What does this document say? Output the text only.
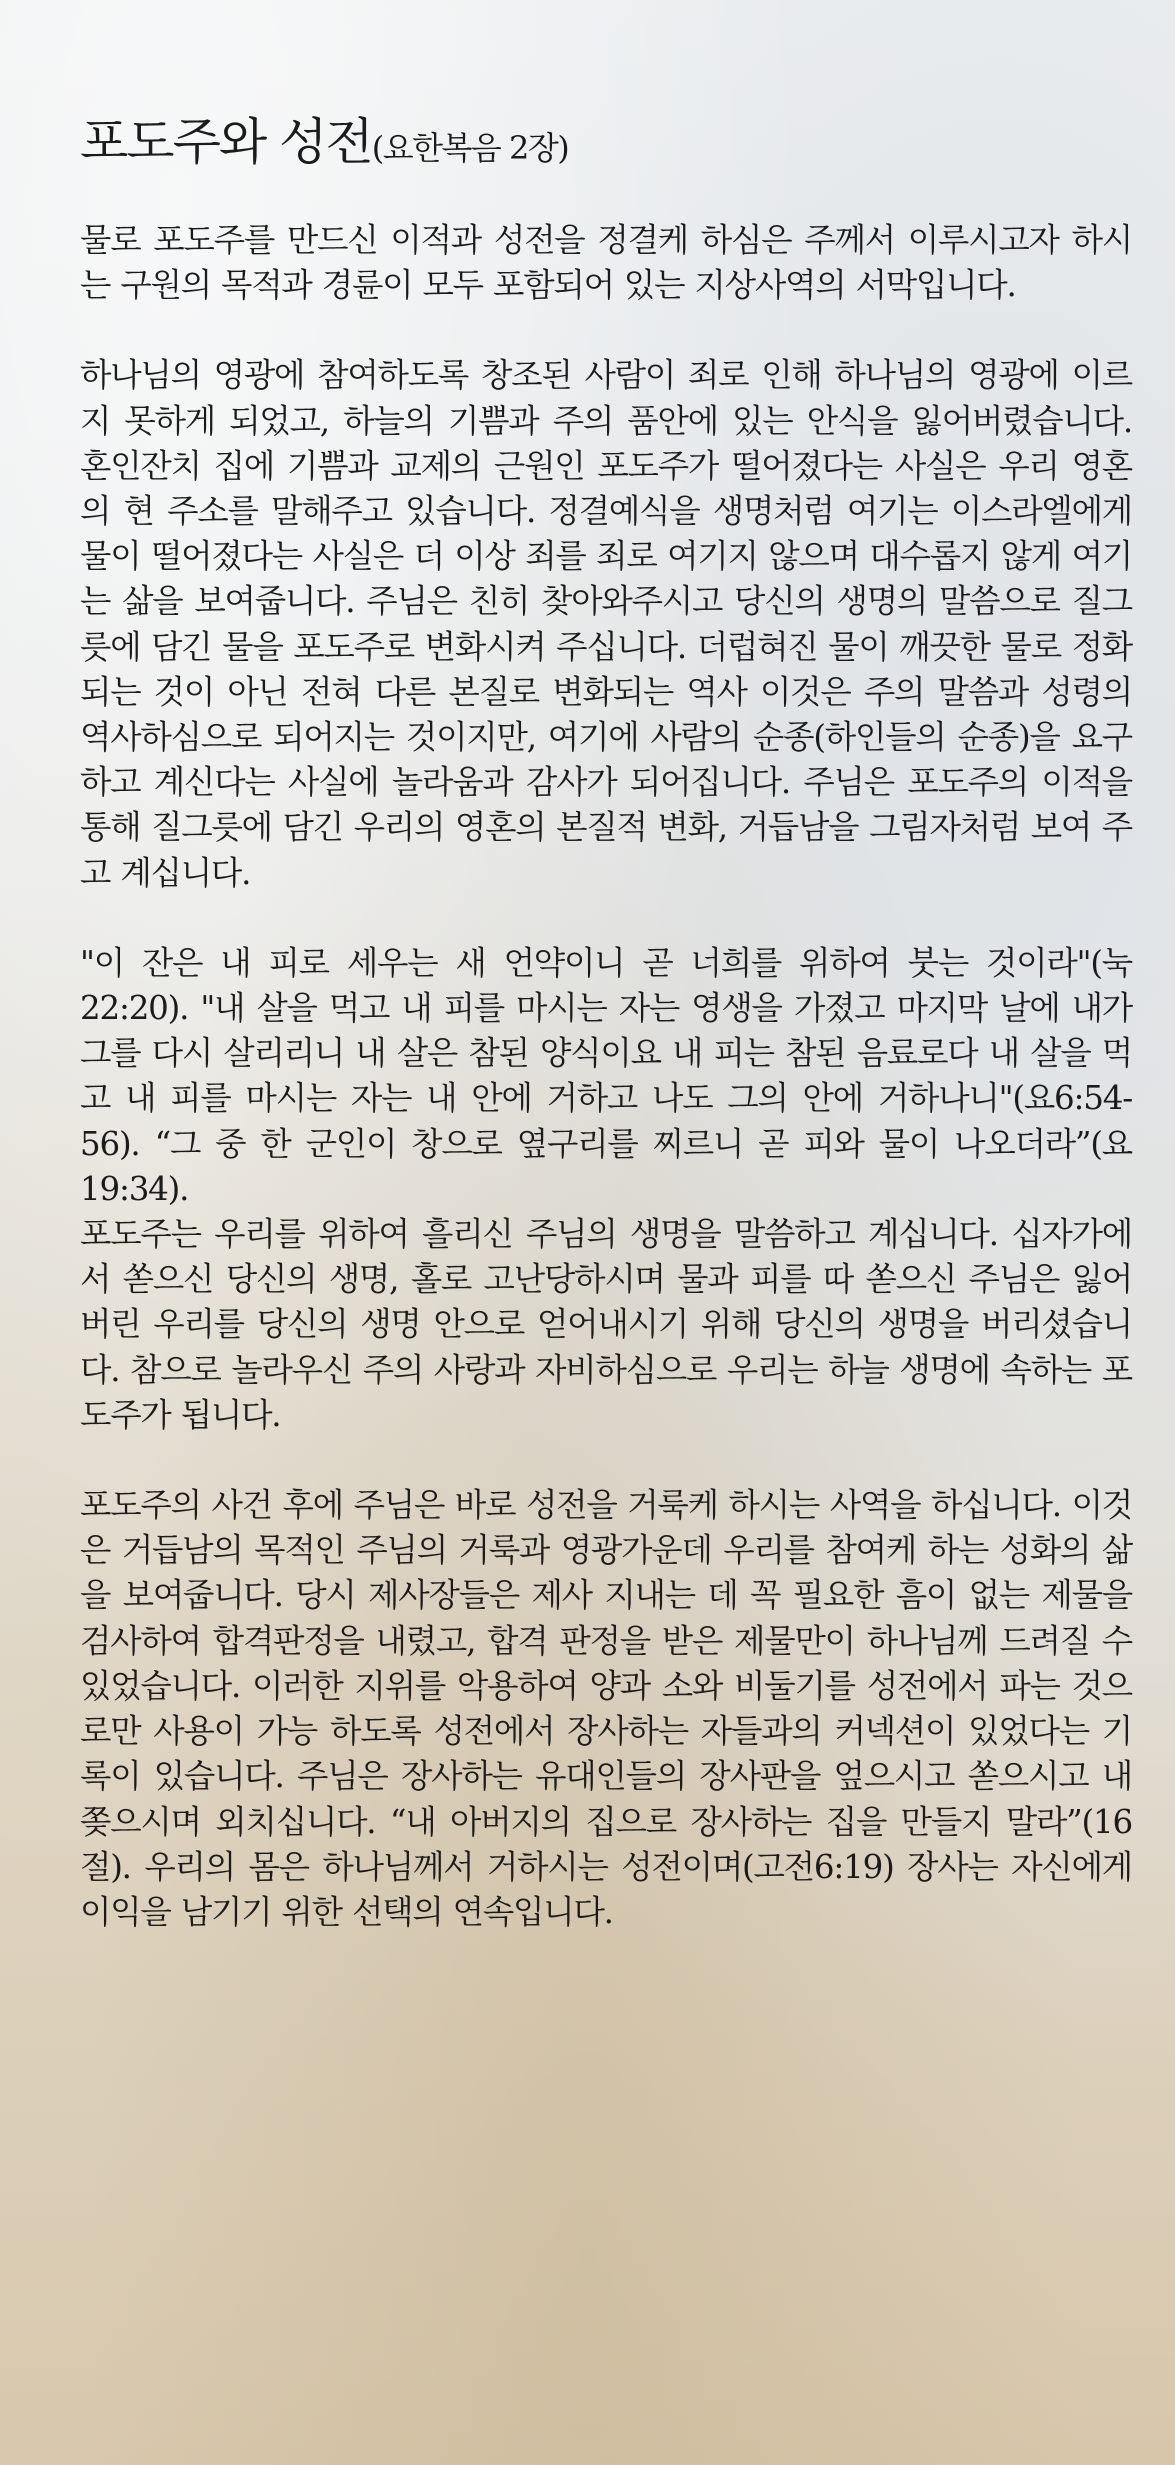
포도주와 성전(요한복음 2장)

물로 포도주를 만드신 이적과 성전을 정결케 하심은 주께서 이루시고자 하시는 구원의 목적과 경륜이 모두 포함되어 있는 지상사역의 서막입니다.

하나님의 영광에 참여하도록 창조된 사람이 죄로 인해 하나님의 영광에 이르지 못하게 되었고, 하늘의 기쁨과 주의 품안에 있는 안식을 잃어버렸습니다. 혼인잔치 집에 기쁨과 교제의 근원인 포도주가 떨어졌다는 사실은 우리 영혼의 현 주소를 말해주고 있습니다. 정결예식을 생명처럼 여기는 이스라엘에게 물이 떨어졌다는 사실은 더 이상 죄를 죄로 여기지 않으며 대수롭지 않게 여기는 삶을 보여줍니다. 주님은 친히 찾아와주시고 당신의 생명의 말씀으로 질그릇에 담긴 물을 포도주로 변화시켜 주십니다. 더럽혀진 물이 깨끗한 물로 정화되는 것이 아닌 전혀 다른 본질로 변화되는 역사 이것은 주의 말씀과 성령의 역사하심으로 되어지는 것이지만, 여기에 사람의 순종(하인들의 순종)을 요구하고 계신다는 사실에 놀라움과 감사가 되어집니다. 주님은 포도주의 이적을 통해 질그릇에 담긴 우리의 영혼의 본질적 변화, 거듭남을 그림자처럼 보여 주고 계십니다.

"이 잔은 내 피로 세우는 새 언약이니 곧 너희를 위하여 붓는 것이라"(눅22:20). "내 살을 먹고 내 피를 마시는 자는 영생을 가졌고 마지막 날에 내가 그를 다시 살리리니 내 살은 참된 양식이요 내 피는 참된 음료로다 내 살을 먹고 내 피를 마시는 자는 내 안에 거하고 나도 그의 안에 거하나니"(요6:54-56). “그 중 한 군인이 창으로 옆구리를 찌르니 곧 피와 물이 나오더라”(요19:34).

포도주는 우리를 위하여 흘리신 주님의 생명을 말씀하고 계십니다. 십자가에서 쏟으신 당신의 생명, 홀로 고난당하시며 물과 피를 따 쏟으신 주님은 잃어버린 우리를 당신의 생명 안으로 얻어내시기 위해 당신의 생명을 버리셨습니다. 참으로 놀라우신 주의 사랑과 자비하심으로 우리는 하늘 생명에 속하는 포도주가 됩니다.

포도주의 사건 후에 주님은 바로 성전을 거룩케 하시는 사역을 하십니다. 이것은 거듭남의 목적인 주님의 거룩과 영광가운데 우리를 참여케 하는 성화의 삶을 보여줍니다. 당시 제사장들은 제사 지내는 데 꼭 필요한 흠이 없는 제물을 검사하여 합격판정을 내렸고, 합격 판정을 받은 제물만이 하나님께 드려질 수 있었습니다. 이러한 지위를 악용하여 양과 소와 비둘기를 성전에서 파는 것으로만 사용이 가능 하도록 성전에서 장사하는 자들과의 커넥션이 있었다는 기록이 있습니다. 주님은 장사하는 유대인들의 장사판을 엎으시고 쏟으시고 내쫒으시며 외치십니다. “내 아버지의 집으로 장사하는 집을 만들지 말라”(16절). 우리의 몸은 하나님께서 거하시는 성전이며(고전6:19) 장사는 자신에게 이익을 남기기 위한 선택의 연속입니다.
